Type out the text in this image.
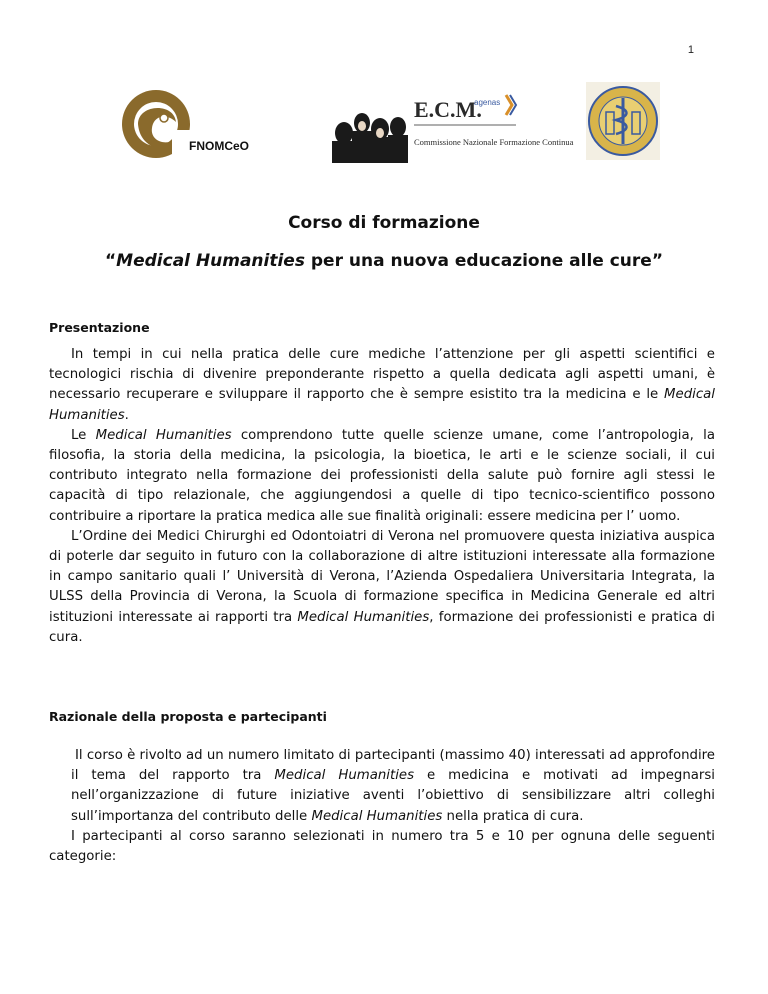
1
FNOMCeO
E.C.M.
Commissione Nazionale Formazione Continua
agenas
Corso di formazione
“Medical Humanities per una nuova educazione alle cure”
Presentazione

In tempi in cui nella pratica delle cure mediche l’attenzione per gli aspetti scientifici e tecnologici rischia di divenire preponderante rispetto a quella dedicata agli aspetti umani, è necessario recuperare e sviluppare il rapporto che è sempre esistito tra la medicina e le Medical Humanities.

Le Medical Humanities comprendono tutte quelle scienze umane, come l’antropologia, la filosofia, la storia della medicina, la psicologia, la bioetica, le arti e le scienze sociali, il cui contributo integrato nella formazione dei professionisti della salute può fornire agli stessi le capacità di tipo relazionale, che aggiungendosi a quelle di tipo tecnico-scientifico possono contribuire a riportare la pratica medica alle sue finalità originali: essere medicina per l’ uomo.

L’Ordine dei Medici Chirurghi ed Odontoiatri di Verona nel promuovere questa iniziativa auspica di poterle dar seguito in futuro con la collaborazione di altre istituzioni interessate alla formazione in campo sanitario quali l’ Università di Verona, l’Azienda Ospedaliera Universitaria Integrata, la ULSS della Provincia di Verona, la Scuola di formazione specifica in Medicina Generale ed altri istituzioni interessate ai rapporti tra Medical Humanities, formazione dei professionisti e pratica di cura.

Razionale della proposta e partecipanti

Il corso è rivolto ad un numero limitato di partecipanti (massimo 40) interessati ad approfondire il tema del rapporto tra Medical Humanities e medicina e motivati ad impegnarsi nell’organizzazione di future iniziative aventi l’obiettivo di sensibilizzare altri colleghi sull’importanza del contributo delle Medical Humanities nella pratica di cura.

I partecipanti al corso saranno selezionati in numero tra 5 e 10 per ognuna delle seguenti categorie:
